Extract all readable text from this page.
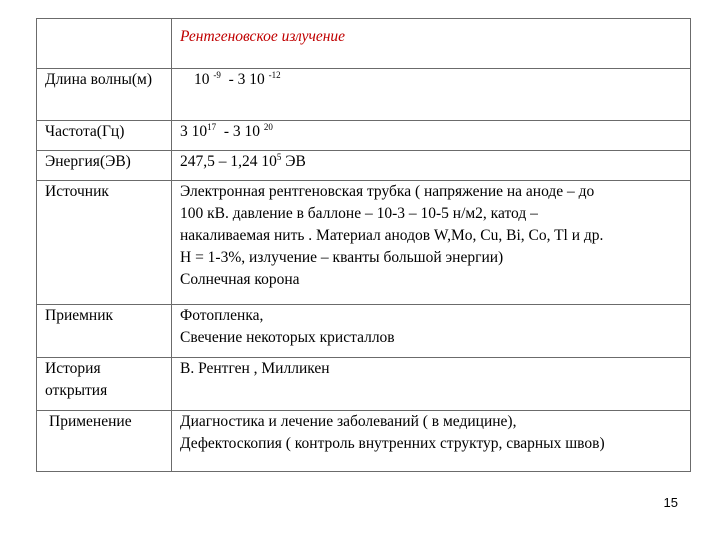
	Рентгеновское излучение
Длина волны(м)	10 $^{-9}$ - 3 10 $^{-12}$
Частота(Гц)	3 $10^{17} - 3$ 10 $^{20}$
Энергия(ЭВ)	247,5 – 1,24 $10^5$ ЭВ
Источник	Электронная рентгеновская трубка ( напряжение на аноде – до
100 кВ. давление в баллоне – 10-3 – 10-5 н/м2, катод –
накаливаемая нить . Материал анодов W,Mo, Cu, Bi, Co, Tl и др.
H = 1-3%, излучение – кванты большой энергии)
Солнечная корона

Приемник	Фотопленка,
Свечение некоторых кристаллов

История открытия	В. Рентген , Милликен
Применение	Диагностика и лечение заболеваний ( в медицине),
Дефектоскопия ( контроль внутренних структур, сварных швов)
15
